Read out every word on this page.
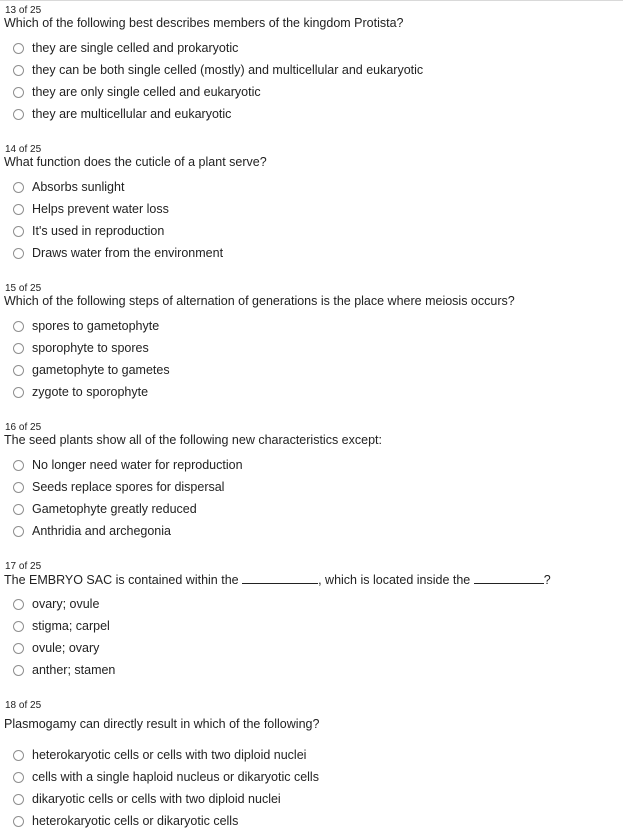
13 of 25
Which of the following best describes members of the kingdom Protista?
they are single celled and prokaryotic
they can be both single celled (mostly) and multicellular and eukaryotic
they are only single celled and eukaryotic
they are multicellular and eukaryotic
14 of 25
What function does the cuticle of a plant serve?
Absorbs sunlight
Helps prevent water loss
It's used in reproduction
Draws water from the environment
15 of 25
Which of the following steps of alternation of generations is the place where meiosis occurs?
spores to gametophyte
sporophyte to spores
gametophyte to gametes
zygote to sporophyte
16 of 25
The seed plants show all of the following new characteristics except:
No longer need water for reproduction
Seeds replace spores for dispersal
Gametophyte greatly reduced
Anthridia and archegonia
17 of 25
The EMBRYO SAC is contained within the	, which is located inside the	?
ovary; ovule
stigma; carpel
ovule; ovary
anther; stamen
18 of 25
Plasmogamy can directly result in which of the following?
heterokaryotic cells or cells with two diploid nuclei
cells with a single haploid nucleus or dikaryotic cells
dikaryotic cells or cells with two diploid nuclei
heterokaryotic cells or dikaryotic cells
